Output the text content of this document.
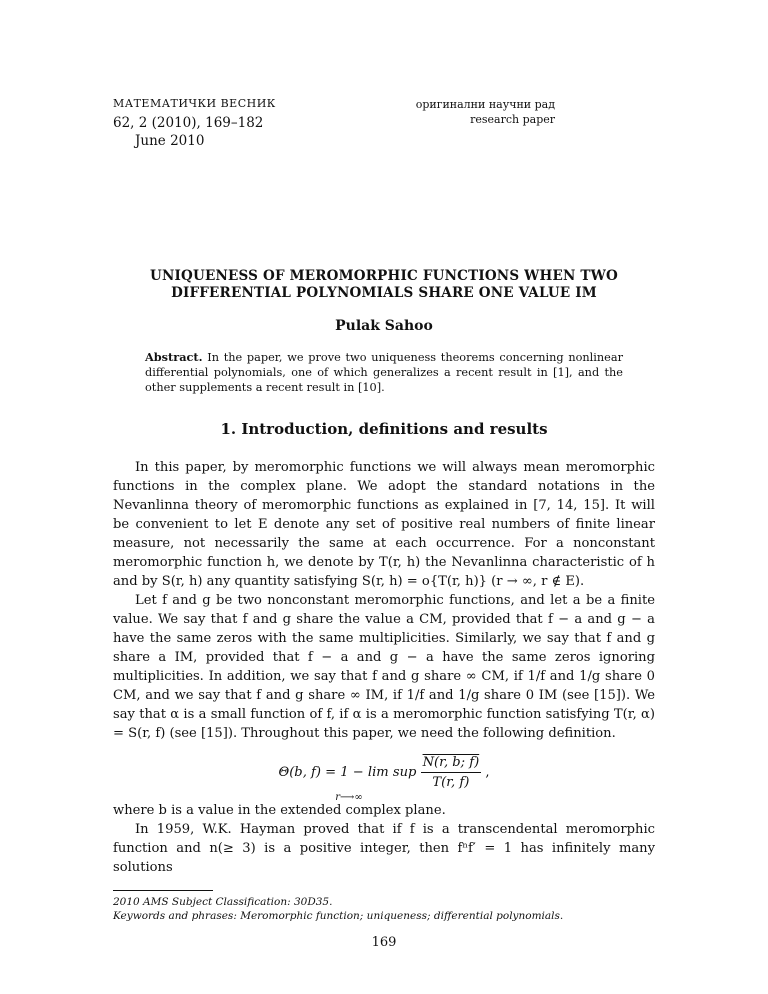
МАТЕМАТИЧКИ ВЕСНИК
62, 2 (2010), 169–182
June 2010
оригинални научни рад
research paper
UNIQUENESS OF MEROMORPHIC FUNCTIONS WHEN TWO
DIFFERENTIAL POLYNOMIALS SHARE ONE VALUE IM
Pulak Sahoo
Abstract. In the paper, we prove two uniqueness theorems concerning nonlinear differential polynomials, one of which generalizes a recent result in [1], and the other supplements a recent result in [10].
1. Introduction, definitions and results

In this paper, by meromorphic functions we will always mean meromorphic functions in the complex plane. We adopt the standard notations in the Nevanlinna theory of meromorphic functions as explained in [7, 14, 15]. It will be convenient to let E denote any set of positive real numbers of finite linear measure, not necessarily the same at each occurrence. For a nonconstant meromorphic function h, we denote by T(r, h) the Nevanlinna characteristic of h and by S(r, h) any quantity satisfying S(r, h) = o{T(r, h)} (r → ∞, r ∉ E).

Let f and g be two nonconstant meromorphic functions, and let a be a finite value. We say that f and g share the value a CM, provided that f − a and g − a have the same zeros with the same multiplicities. Similarly, we say that f and g share a IM, provided that f − a and g − a have the same zeros ignoring multiplicities. In addition, we say that f and g share ∞ CM, if 1/f and 1/g share 0 CM, and we say that f and g share ∞ IM, if 1/f and 1/g share 0 IM (see [15]). We say that α is a small function of f, if α is a meromorphic function satisfying T(r, α) = S(r, f) (see [15]). Throughout this paper, we need the following definition.

Θ(b, f) = 1 − lim sup $\frac{N(r, b; f)}{T(r, f)}$ ,
r⟶∞

where b is a value in the extended complex plane.

In 1959, W.K. Hayman proved that if f is a transcendental meromorphic function and n(≥ 3) is a positive integer, then fⁿf′ = 1 has infinitely many solutions

2010 AMS Subject Classification: 30D35.
Keywords and phrases: Meromorphic function; uniqueness; differential polynomials.
169
